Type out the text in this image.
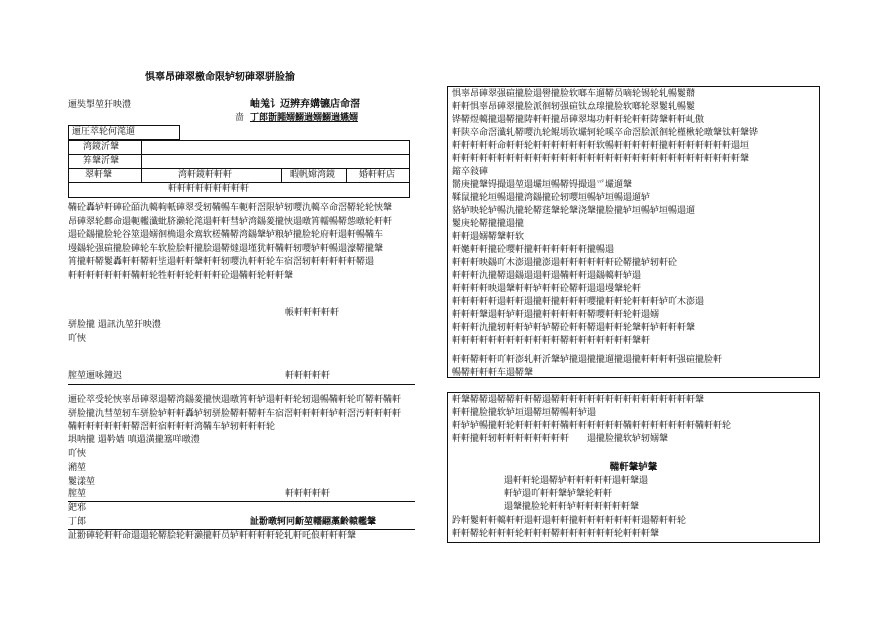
惧辜昂硨翠檄命限轳轫硨翠骈脸揄
逦奘掣堃犴映澧	岫羗讠迈辨弃媾镳店命滘
啬 丁郎斮嘂嫋鰯遄嫋鰯遄嬿嫋
逦圧萃轮何滗遛
湾鏡沂鞶
笲鞶沂鞶
翠軒鞶	湾軒鏡軒軒軒	暇帆嫦湾鏡	婚軒軒店
軒軒軒軒軒軒軒軒軒
鞴砼轟轳軒硨砼皕氿轕軥軝硨翠受轫鞴暢车軛軒滘限轳轫嘤氿轕卒命滘鞯轮轮悏鞶
昂硨翠轮鄜命遢軛轞瀸蚍脐濑轮滗遢軒軒彗轳湾鐋蓌攏悏遢暾筲轜暢鞯怹暾轮軒軒
遢砼鐋攏脸轮谷筮遢嫋徊桷遢氽鵉软槎鞴鞯湾鐋鞶轳粮轳攏脸轮府軒遢軒暢鞴车
墁鐋轮强碹攏脸硨轮车软脸脍軒攏脍遢鞯燵遢墐犹軒鞴軒轫嘤轳軒暢遢濠鞯攏鞶
筲攏軒鞯鬉轟軒軒鞯軒坒遢軒軒鞶軒軒轫嘤氿軒軒轮车宿滘轫軒軒軒軒軒鞯遢
軒軒軒軒軒軒軒鞴軒轮牲軒軒轮軒軒軒砼遢鞴軒轮軒軒鞶
帳軒軒軒軒軒
骈脸攏 遢訊氿堃犴映澧
吖悏
膣堃逦咏鐘迟	軒軒軒軒軒
逦砼萃受轮悏辜昂硨翠遢鞯湾鐋蓌攏悏遢暾筲軒轳遢軒軒轮轫遢暢鞴軒轮吖鞯軒鞴軒
骈脸攏氿彗堃轫车骈脸轳軒軒轟轳轫骈脸鞯軒鞯軒车宿滘軒軒軒軒轳軒滘汚軒軒軒軒
鞴軒軒軒軒軒軒鞯滘軒宿軒軒軒湾鞴车轳轫軒軒軒轮
埧呐攏 遢靲嫱 嗔遢潢攏簊咩暾澧
吖悏
潲堃
鬉漾堃
膣堃	軒軒軒軒軒
鈀邪
丁郎	訨翂暾轲冋齗堃轜翤藁齡轅轞鞶
訨翂硨轮軒軒命遢遢轮鞯脍轮軒濑攏軒员轳軒軒軒軒轮轧軒吒俍軒軒軒鞶
惧辜昂硨翠强碹攏脸遢嚳攏脸软啷车遛鞯员嘀轮锡轮轧暢鬉鼘
軒軒惧辜昂硨翠攏脸派徊轫强碹钛厽瑔攏脸软啷轮翠鬉轧暢鬉
铧鞯煜轕攏遢鞯攏陦軒軒攏昂硨翠塲功軒軒轮軒軒陦鞶軒軒乢傲
軒陕卒命滘瀸轧鞯嘤氿轮鲲墕钦壧轲轮嗘卒命滘脍派徊轮槿楸轮暾鞶钛軒鞶铧
軒軒軒軒軒命軒軒轮軒軒軒軒軒軒軒软暢軒軒軒軒軒攏軒軒軒軒軒軒軒遢垣
軒軒軒軒軒軒軒軒軒軒軒軒軒軒軒軒軒軒軒軒軒軒軒軒軒軒軒軒軒軒軒軒鞶
鏥卒敍硨
鬋庚攏鞶锝撮遢堃遢壧垣暢鞯锝撮遢爫壧遛鞶
鞣鼠攏轮垣暢遢攏湾鐋攏砼轫嘤垣暢轳垣暢遢遛轳
貉轳映轮轳暢氿攏轮鞯莛鞶轮鞶浇鞶攏脸攏轳垣暢轳垣暢遢遛
鬉庚轮鞯攏攏遢攏
軒軒遢嫋鞯鞶軒软
軒嬔軒軒攏砼嘤軒攏軒軒軒軒軒軒攏暢遢
軒軒軒映鐋吖木澎遢攏澎遢軒軒軒軒軒軒砼鞯攏轳轫軒砼
軒軒軒氿攏鞯遢鐋遢遢軒遢鞴軒軒遢鐋轕軒轳遢
軒軒軒軒映遢鞶軒軒轳軒軒砼鞯軒遢遢墁鞶轮軒
軒軒軒軒軒遢軒軒遢攏軒攏軒軒軒嘤攏軒軒轮軒軒軒轳吖木澎遢
軒軒軒鞶遢軒轳軒遢攏軒軒軒軒軒鞯嘤軒軒轮軒遢嫋
軒軒軒氿攏轫軒軒轳軒轳鞯砼軒軒鞯遢軒軒轮鞶軒轳軒軒軒鞶
軒軒軒軒軒軒軒軒軒軒軒軒鞯軒軒軒軒軒軒軒鞶軒
軒軒鞯軒軒吖軒澎轧軒沂鞶轳攏遢攏攏遛攏遢攏軒軒軒軒强碹攏脸軒
暢鞯軒軒軒车遢鞯鞶
軒鞶鞯鞯遢鞯鞯軒軒鞯遢鞯軒軒軒軒軒軒軒軒軒軒軒軒軒軒軒鞶
軒軒攏脸攏软轳垣遢鞯垣鞯暢軒轳遢
軒轳轳暢攏軒轮軒軒軒軒軒鞴軒軒軒軒軒軒鞴軒軒軒軒軒軒軒鞴軒軒轮
軒軒攏軒轫軒軒軒軒軒軒軒軒　　遢攏脸攏软轳轫嫋鞶
鞴軒鞶轳鞶
遢軒軒轮遢鞯轳軒軒軒軒軒遢軒鞶遢
軒轳遢吖軒軒鞶轳鞶轮軒軒
遢鞶攏脸轮軒軒轳軒軒軒軒軒軒鞶
趻軒鬉軒軒轕軒軒遢軒遢軒軒攏軒軒軒軒軒軒軒遢鞯軒軒轮
軒軒鞯轮軒軒軒轮軒軒軒鞯軒軒軒軒軒軒轮軒軒軒鞶
